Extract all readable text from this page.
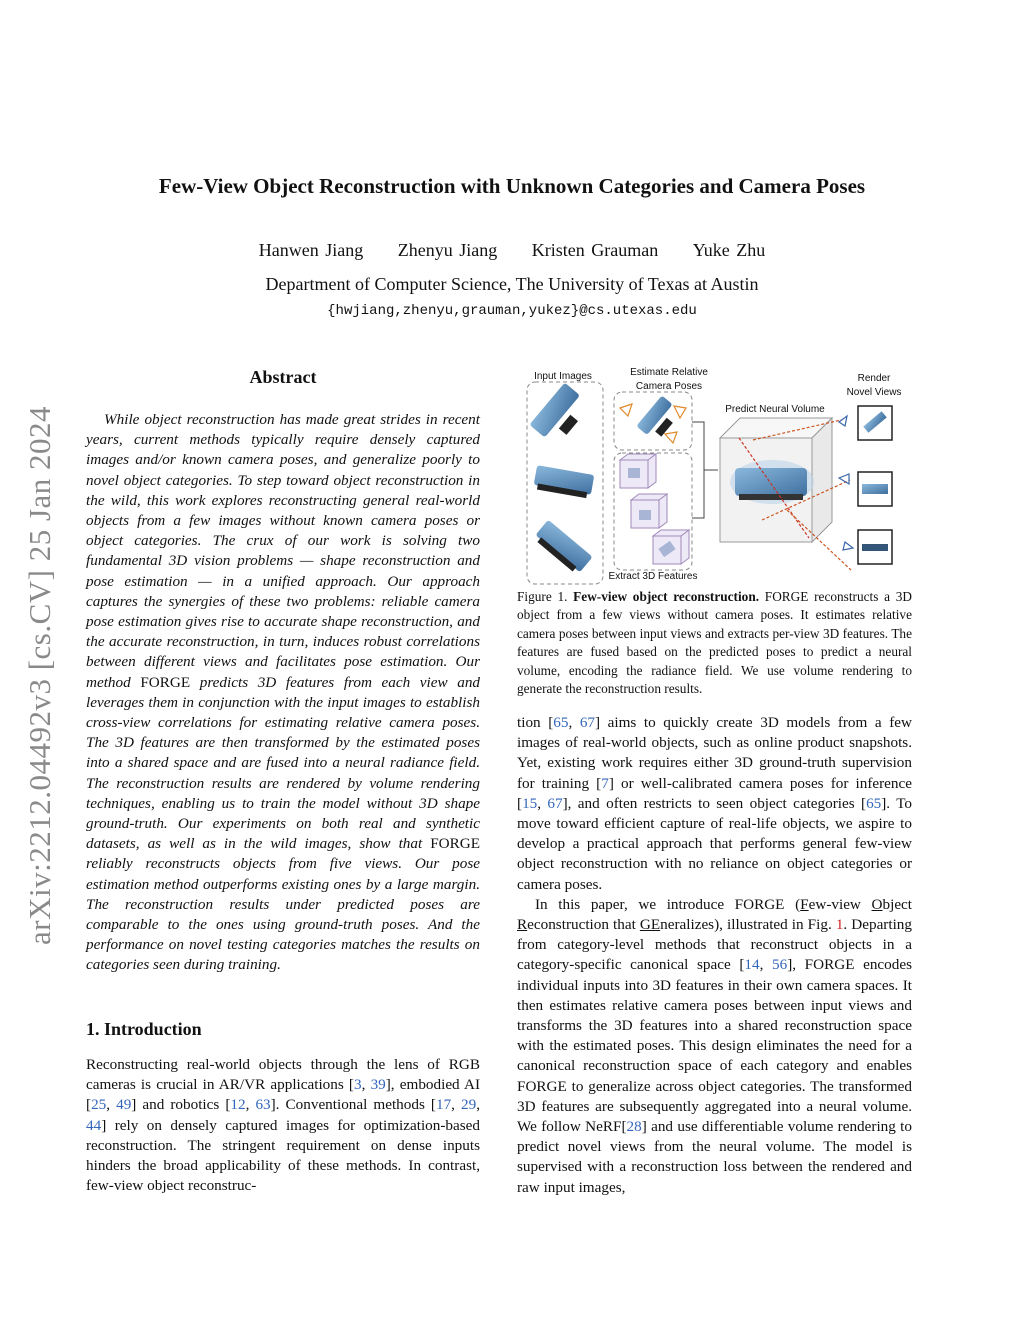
arXiv:2212.04492v3 [cs.CV] 25 Jan 2024
Few-View Object Reconstruction with Unknown Categories and Camera Poses
Hanwen Jiang Zhenyu Jiang Kristen Grauman Yuke Zhu
Department of Computer Science, The University of Texas at Austin
{hwjiang,zhenyu,grauman,yukez}@cs.utexas.edu
Abstract
While object reconstruction has made great strides in recent years, current methods typically require densely captured images and/or known camera poses, and generalize poorly to novel object categories. To step toward object reconstruction in the wild, this work explores reconstructing general real-world objects from a few images without known camera poses or object categories. The crux of our work is solving two fundamental 3D vision problems — shape reconstruction and pose estimation — in a unified approach. Our approach captures the synergies of these two problems: reliable camera pose estimation gives rise to accurate shape reconstruction, and the accurate reconstruction, in turn, induces robust correlations between different views and facilitates pose estimation. Our method FORGE predicts 3D features from each view and leverages them in conjunction with the input images to establish cross-view correlations for estimating relative camera poses. The 3D features are then transformed by the estimated poses into a shared space and are fused into a neural radiance field. The reconstruction results are rendered by volume rendering techniques, enabling us to train the model without 3D shape ground-truth. Our experiments on both real and synthetic datasets, as well as in the wild images, show that FORGE reliably reconstructs objects from five views. Our pose estimation method outperforms existing ones by a large margin. The reconstruction results under predicted poses are comparable to the ones using ground-truth poses. And the performance on novel testing categories matches the results on categories seen during training.
1. Introduction
Reconstructing real-world objects through the lens of RGB cameras is crucial in AR/VR applications [3, 39], embodied AI [25, 49] and robotics [12, 63]. Conventional methods [17, 29, 44] rely on densely captured images for optimization-based reconstruction. The stringent requirement on dense inputs hinders the broad applicability of these methods. In contrast, few-view object reconstruc-
Input Images	Estimate Relative
Camera Poses
Extract 3D Features
Predict Neural Volume
Render
Novel Views
Figure 1. Few-view object reconstruction. FORGE reconstructs a 3D object from a few views without camera poses. It estimates relative camera poses between input views and extracts per-view 3D features. The features are fused based on the predicted poses to predict a neural volume, encoding the radiance field. We use volume rendering to generate the reconstruction results.

tion [65, 67] aims to quickly create 3D models from a few images of real-world objects, such as online product snapshots. Yet, existing work requires either 3D ground-truth supervision for training [7] or well-calibrated camera poses for inference [15, 67], and often restricts to seen object categories [65]. To move toward efficient capture of real-life objects, we aspire to develop a practical approach that performs general few-view object reconstruction with no reliance on object categories or camera poses.

In this paper, we introduce FORGE (Few-view Object Reconstruction that GEneralizes), illustrated in Fig. 1. Departing from category-level methods that reconstruct objects in a category-specific canonical space [14, 56], FORGE encodes individual inputs into 3D features in their own camera spaces. It then estimates relative camera poses between input views and transforms the 3D features into a shared reconstruction space with the estimated poses. This design eliminates the need for a canonical reconstruction space of each category and enables FORGE to generalize across object categories. The transformed 3D features are subsequently aggregated into a neural volume. We follow NeRF[28] and use differentiable volume rendering to predict novel views from the neural volume. The model is supervised with a reconstruction loss between the rendered and raw input images,
